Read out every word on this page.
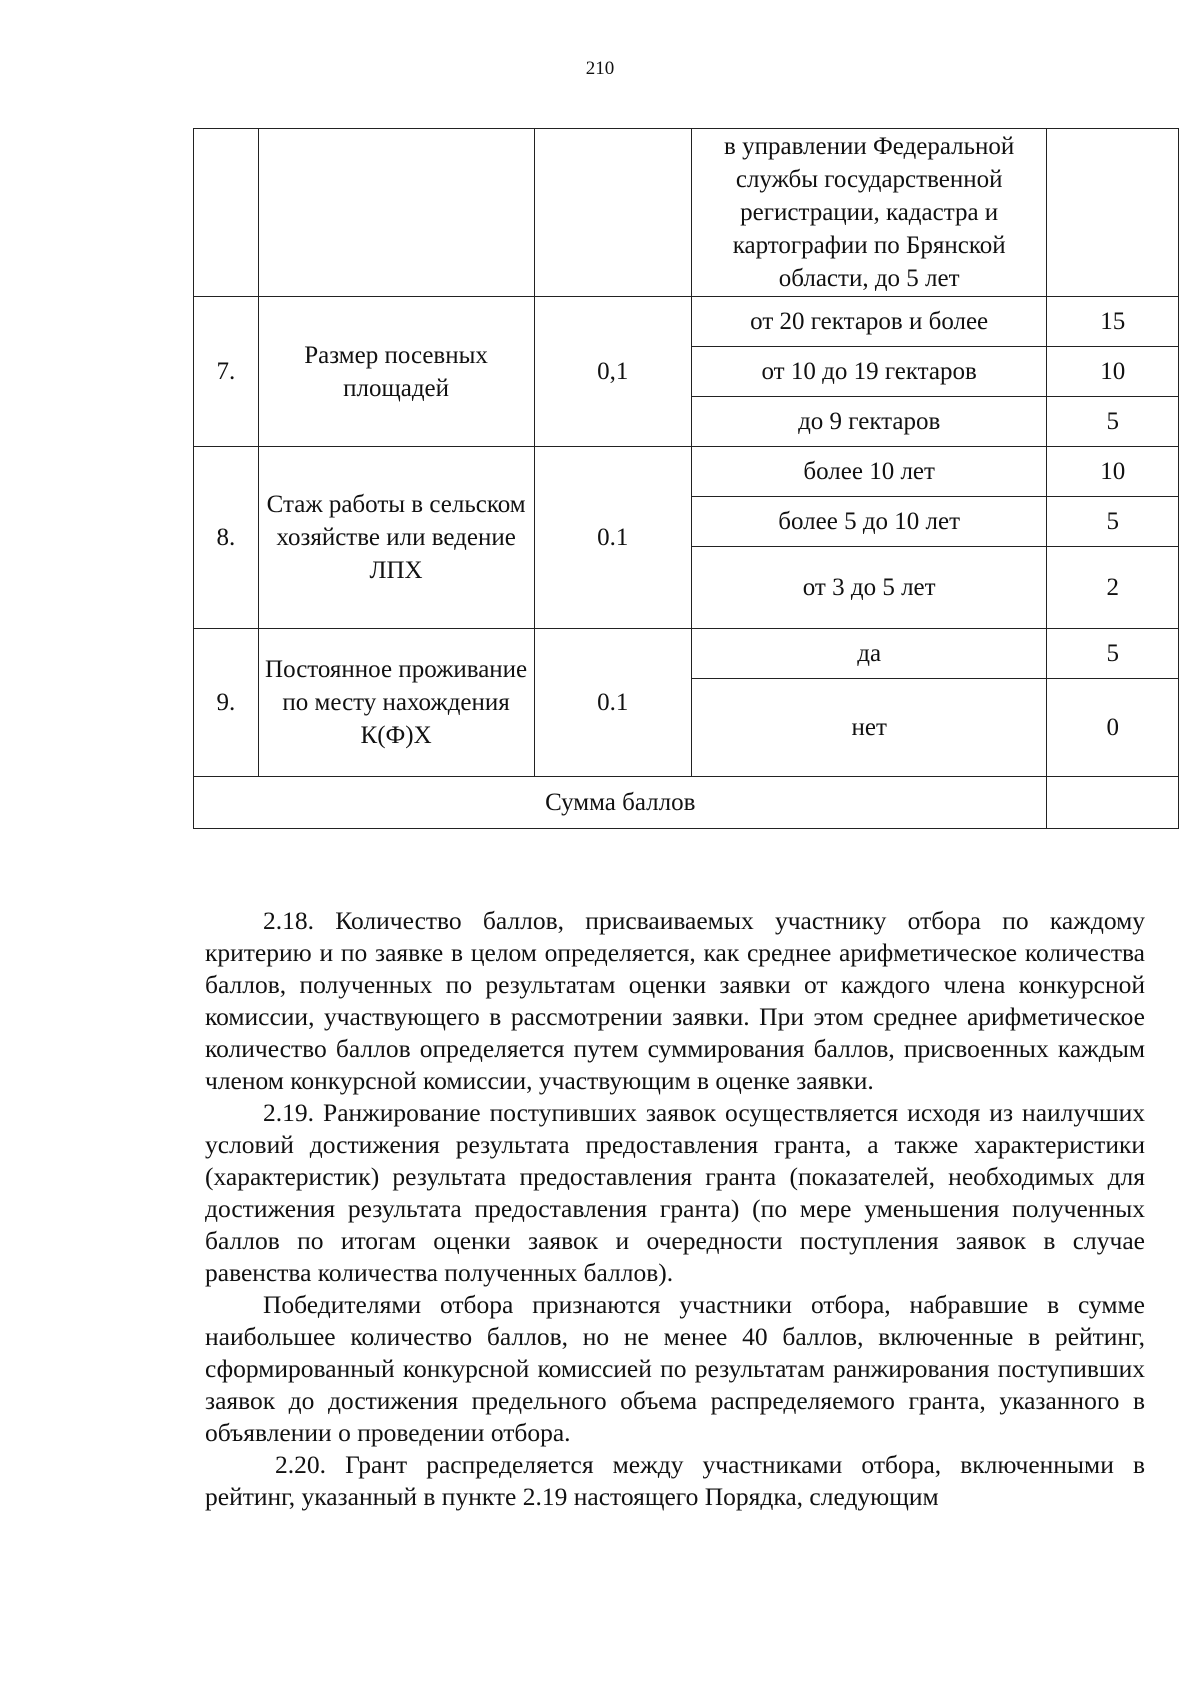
210
			в управлении Федеральной службы государственной регистрации, кадастра и картографии по Брянской области, до 5 лет	
7.	Размер посевных площадей	0,1	от 20 гектаров и более	15
			от 10 до 19 гектаров	10
			до 9 гектаров	5
8.	Стаж работы в сельском хозяйстве или ведение ЛПХ	0.1	более 10 лет	10
			более 5 до 10 лет	5
			от 3 до 5 лет	2
9.	Постоянное проживание по месту нахождения К(Ф)Х	0.1	да	5
			нет	0
Сумма баллов				

2.18. Количество баллов, присваиваемых участнику отбора по каждому критерию и по заявке в целом определяется, как среднее арифметическое количества баллов, полученных по результатам оценки заявки от каждого члена конкурсной комиссии, участвующего в рассмотрении заявки. При этом среднее арифметическое количество баллов определяется путем суммирования баллов, присвоенных каждым членом конкурсной комиссии, участвующим в оценке заявки.

2.19. Ранжирование поступивших заявок осуществляется исходя из наилучших условий достижения результата предоставления гранта, а также характеристики (характеристик) результата предоставления гранта (показателей, необходимых для достижения результата предоставления гранта) (по мере уменьшения полученных баллов по итогам оценки заявок и очередности поступления заявок в случае равенства количества полученных баллов).

Победителями отбора признаются участники отбора, набравшие в сумме наибольшее количество баллов, но не менее 40 баллов, включенные в рейтинг, сформированный конкурсной комиссией по результатам ранжирования поступивших заявок до достижения предельного объема распределяемого гранта, указанного в объявлении о проведении отбора.

2.20. Грант распределяется между участниками отбора, включенными в рейтинг, указанный в пункте 2.19 настоящего Порядка, следующим
